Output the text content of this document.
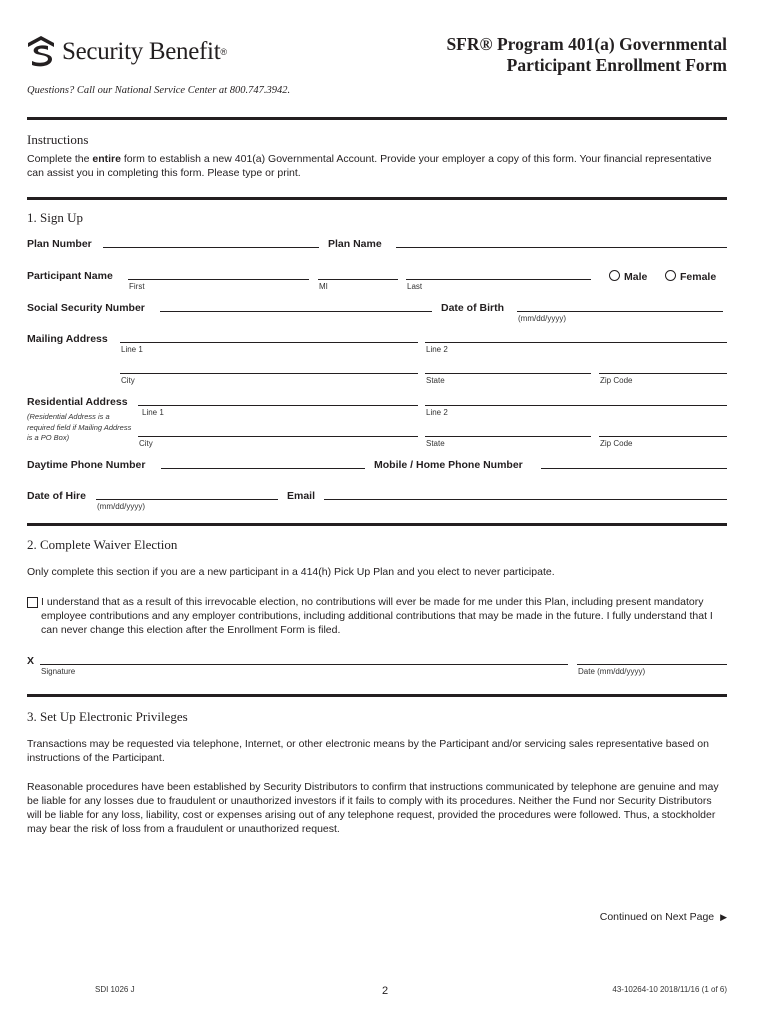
Security Benefit ®	SFR® Program 401(a) Governmental
Participant Enrollment Form
Questions? Call our National Service Center at 800.747.3942.
Instructions
Complete the entire form to establish a new 401(a) Governmental Account. Provide your employer a copy of this form. Your financial representative can assist you in completing this form. Please type or print.
1. Sign Up
Plan Number	Plan Name
Participant Name
First	MI	Last
Male	Female
Social Security Number	Date of Birth
(mm/dd/yyyy)
Mailing Address
Line 1	Line 2
City	State	Zip Code
Residential Address
(Residential Address is a required field if Mailing Address is a PO Box)
Line 1	Line 2
City	State	Zip Code
Daytime Phone Number	Mobile / Home Phone Number
Date of Hire
(mm/dd/yyyy)
Email
2. Complete Waiver Election
Only complete this section if you are a new participant in a 414(h) Pick Up Plan and you elect to never participate.
I understand that as a result of this irrevocable election, no contributions will ever be made for me under this Plan, including present mandatory employee contributions and any employer contributions, including additional contributions that may be made in the future. I fully understand that I can never change this election after the Enrollment Form is filed.
X
Signature	Date (mm/dd/yyyy)
3. Set Up Electronic Privileges
Transactions may be requested via telephone, Internet, or other electronic means by the Participant and/or servicing sales representative based on instructions of the Participant.
Reasonable procedures have been established by Security Distributors to confirm that instructions communicated by telephone are genuine and may be liable for any losses due to fraudulent or unauthorized investors if it fails to comply with its procedures. Neither the Fund nor Security Distributors will be liable for any loss, liability, cost or expenses arising out of any telephone request, provided the procedures were followed. Thus, a stockholder may bear the risk of loss from a fraudulent or unauthorized request.
Continued on Next Page ▶
SDI 1026 J	2	43-10264-10 2018/11/16 (1 of 6)
